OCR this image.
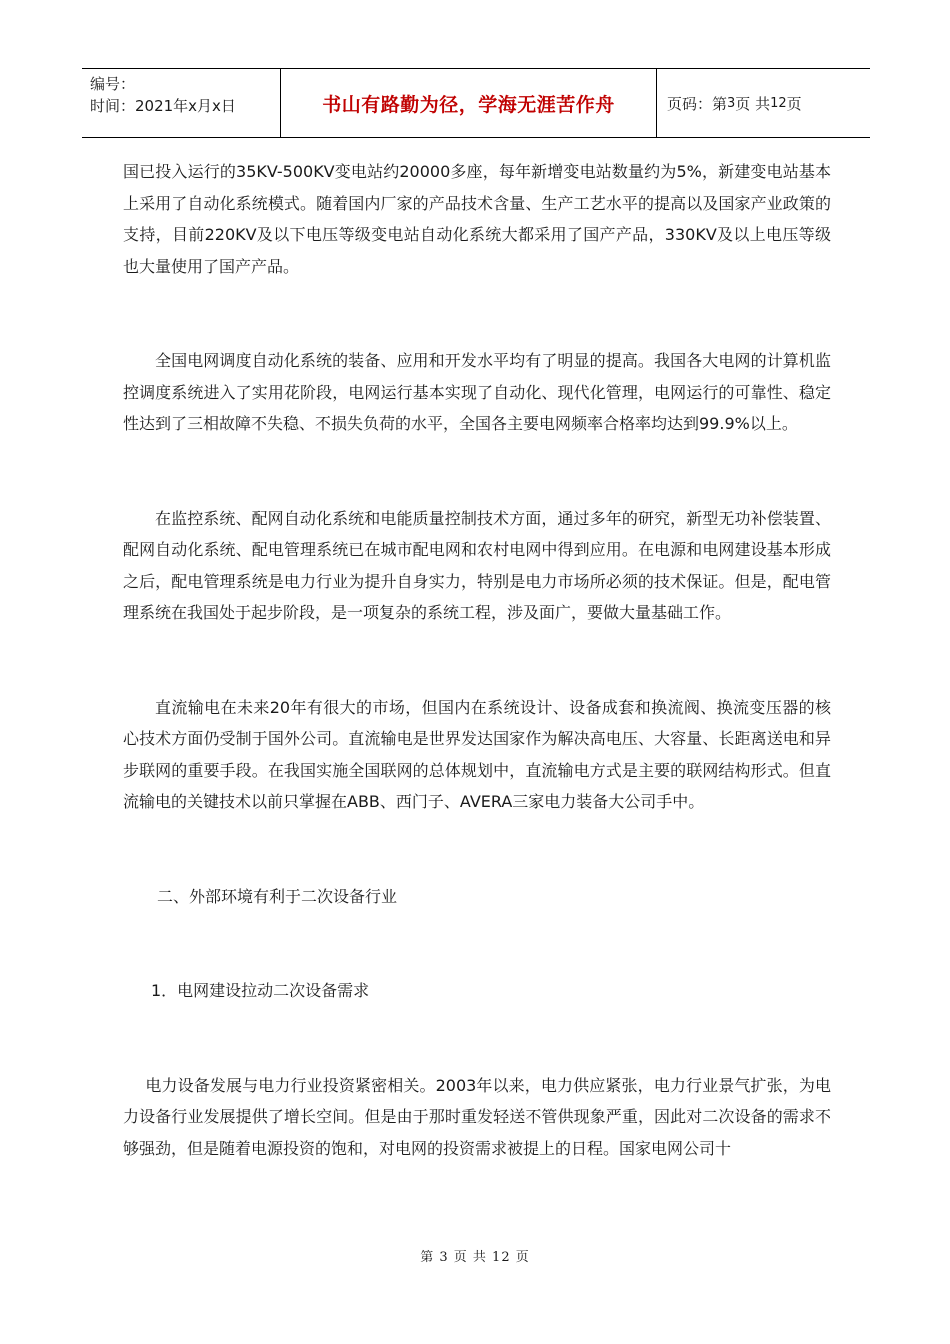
编号：
时间：2021年x月x日	书山有路勤为径，学海无涯苦作舟	页码：第 3 页 共 12 页

国已投入运行的35KV-500KV变电站约20000多座，每年新增变电站数量约为5%，新建变电站基本上采用了自动化系统模式。随着国内厂家的产品技术含量、生产工艺水平的提高以及国家产业政策的支持，目前220KV及以下电压等级变电站自动化系统大都采用了国产产品，330KV及以上电压等级也大量使用了国产产品。

全国电网调度自动化系统的装备、应用和开发水平均有了明显的提高。我国各大电网的计算机监控调度系统进入了实用花阶段，电网运行基本实现了自动化、现代化管理，电网运行的可靠性、稳定性达到了三相故障不失稳、不损失负荷的水平，全国各主要电网频率合格率均达到99.9%以上。

在监控系统、配网自动化系统和电能质量控制技术方面，通过多年的研究，新型无功补偿装置、配网自动化系统、配电管理系统已在城市配电网和农村电网中得到应用。在电源和电网建设基本形成之后，配电管理系统是电力行业为提升自身实力，特别是电力市场所必须的技术保证。但是，配电管理系统在我国处于起步阶段，是一项复杂的系统工程，涉及面广，要做大量基础工作。

直流输电在未来20年有很大的市场，但国内在系统设计、设备成套和换流阀、换流变压器的核心技术方面仍受制于国外公司。直流输电是世界发达国家作为解决高电压、大容量、长距离送电和异步联网的重要手段。在我国实施全国联网的总体规划中，直流输电方式是主要的联网结构形式。但直流输电的关键技术以前只掌握在ABB、西门子、AVERA三家电力装备大公司手中。

二、外部环境有利于二次设备行业

1．电网建设拉动二次设备需求

电力设备发展与电力行业投资紧密相关。2003年以来，电力供应紧张，电力行业景气扩张，为电力设备行业发展提供了增长空间。但是由于那时重发轻送不管供现象严重，因此对二次设备的需求不够强劲，但是随着电源投资的饱和，对电网的投资需求被提上的日程。国家电网公司十

第 3 页 共 12 页
